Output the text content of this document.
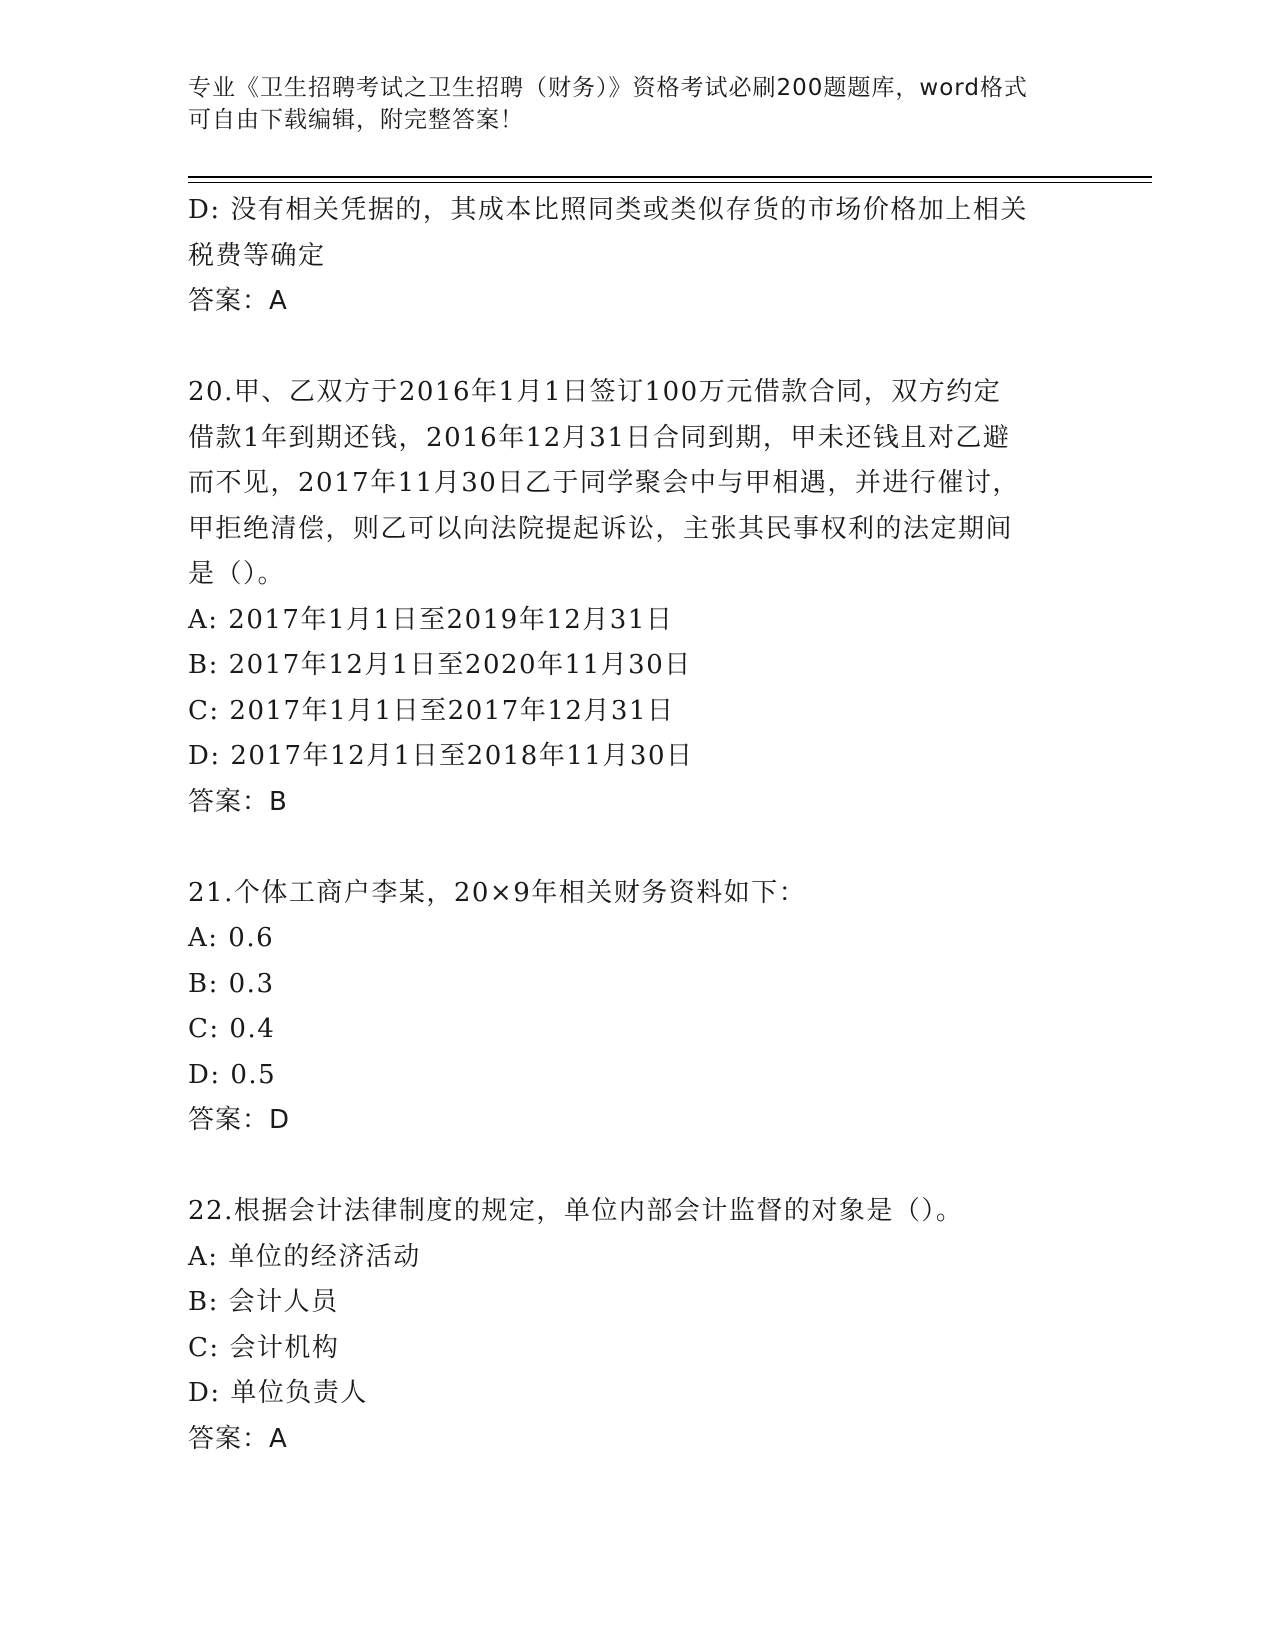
专业《卫生招聘考试之卫生招聘（财务）》资格考试必刷200题题库，word格式
可自由下载编辑，附完整答案！
D: 没有相关凭据的，其成本比照同类或类似存货的市场价格加上相关
税费等确定
答案：A
20.甲、乙双方于2016年1月1日签订100万元借款合同，双方约定
借款1年到期还钱，2016年12月31日合同到期，甲未还钱且对乙避
而不见，2017年11月30日乙于同学聚会中与甲相遇，并进行催讨，
甲拒绝清偿，则乙可以向法院提起诉讼，主张其民事权利的法定期间
是（）。
A: 2017年1月1日至2019年12月31日
B: 2017年12月1日至2020年11月30日
C: 2017年1月1日至2017年12月31日
D: 2017年12月1日至2018年11月30日
答案：B
21.个体工商户李某，20×9年相关财务资料如下：
A: 0.6
B: 0.3
C: 0.4
D: 0.5
答案：D
22.根据会计法律制度的规定，单位内部会计监督的对象是（）。
A: 单位的经济活动
B: 会计人员
C: 会计机构
D: 单位负责人
答案：A
